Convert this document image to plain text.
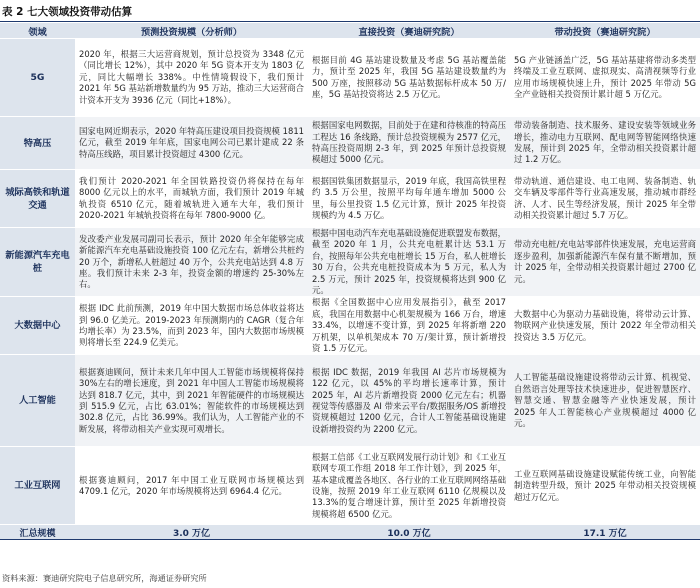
表 2 七大领域投资带动估算
领域	预测投资规模（分析师）	直接投资（赛迪研究院）	带动投资（赛迪研究院）
5G	2020 年，根据三大运营商规划，预计总投资为 3348 亿元（同比增长 12%），其中 2020 年 5G 资本开支为 1803 亿元，同比大幅增长 338%。中性情境假设下，我们预计 2021 年 5G 基站新增数量约为 95 万站，推动三大运营商合计资本开支为 3936 亿元（同比+18%）。	根据目前 4G 基站建设数量及考虑 5G 基站覆盖能力，预计至 2025 年，我国 5G 基站建设数量约为 500 万座，按照移动 5G 基站数据标杆成本 50 万/座，5G 基站投资将达 2.5 万亿元。	5G 产业链涵盖广泛，5G 基站基建将带动多类型终端及工业互联网、虚拟现实、高清视频等行业应用市场规模快速上升，预计 2025 年带动 5G 全产业链相关投资预计累计超 5 万亿元。
特高压	国家电网近期表示，2020 年特高压建设项目投资规模 1811 亿元，截至 2019 年年底，国家电网公司已累计建成 22 条特高压线路，项目累计投资超过 4300 亿元。	根据国家电网数据，目前处于在建和待核准的特高压工程达 16 条线路，预计总投资规模为 2577 亿元，特高压投资周期 2-3 年，到 2025 年预计总投资规模超过 5000 亿元。	带动装备制造、技术服务、建设安装等领域业务增长，推动电力互联网、配电网等智能网络快速发展，预计到 2025 年，全带动相关投资累计超过 1.2 万亿。
城际高铁和轨道交通	我们预计 2020-2021 年全国铁路投资仍将保持在每年 8000 亿元以上的水平，而城轨方面，我们预计 2019 年城轨投资 6510 亿元，随着城轨进入通车大年，我们预计 2020-2021 年城轨投资将在每年 7800-9000 亿。	根据国铁集团数据显示，2019 年底，我国高铁里程约 3.5 万公里，按照平均每年通车增加 5000 公里，每公里投资 1.5 亿元计算，预计 2025 年投资规模约为 4.5 万亿。	带动轨道、通信建设、电工电网、装备制造、轨交车辆及零部件等行业高速发展，推动城市群经济、人才、民生等经济发展，预计 2025 年全带动相关投资累计超过 5.7 万亿。
新能源汽车充电桩	发改委产业发展司副司长表示，预计 2020 年全年能够完成新能源汽车充电基础设施投资 100 亿元左右，新增公共桩约 20 万个，新增私人桩超过 40 万个，公共充电站达到 4.8 万座。我们预计未来 2-3 年，投资金额的增速约 25-30%左右。	根据中国电动汽车充电基础设施促进联盟发布数据，截至 2020 年 1 月，公共充电桩累计达 53.1 万台，按照每年公共充电桩增长 15 万台，私人桩增长 30 万台，公共充电桩投资成本为 5 万元，私人为 2.5 万元，预计 2025 年，投资规模将达到 900 亿元。	带动充电桩/充电站零部件快速发展，充电运营商逐步盈利，加强新能源汽车保有量不断增加，预计 2025 年，全带动相关投资累计超过 2700 亿元。
大数据中心	根据 IDC 此前预测，2019 年中国大数据市场总体收益将达到 96.0 亿美元。2019-2023 年预测期内的 CAGR（复合年均增长率）为 23.5%，而到 2023 年，国内大数据市场规模则将增长至 224.9 亿美元。	根据《全国数据中心应用发展指引》，截至 2017 底，我国在用数据中心机架规模为 166 万台，增速 33.4%，以增速不变计算，到 2025 年将新增 220 万机架，以单机架成本 70 万/架计算，预计新增投资 1.5 万亿元。	大数据中心为驱动力基础设施，将带动云计算、物联网产业快速发展，预计 2022 年全带动相关投资达 3.5 万亿元。
人工智能	根据赛迪顾问，预计未来几年中国人工智能市场规模将保持 30%左右的增长速度，到 2021 年中国人工智能市场规模将达到 818.7 亿元，其中，到 2021 年智能硬件的市场规模达到 515.9 亿元，占比 63.01%；智能软件的市场规模达到 302.8 亿元，占比 36.99%。我们认为，人工智能产业的不断发展，将带动相关产业实现可观增长。	根据 IDC 数据，2019 年我国 AI 芯片市场规模为 122 亿元，以 45%的平均增长速率计算，预计 2025 年，AI 芯片新增投资 2000 亿元左右；机器视觉等传感器及 AI 带来云平台/数据服务/OS 新增投资规模超过 1200 亿元，合计人工智能基础设施建设新增投资约为 2200 亿元。	人工智能基础设施建设将带动云计算、机视觉、自然语言处理等技术快速进步，促进智慧医疗、智慧交通、智慧金融等产业快速发展，预计 2025 年人工智能核心产业规模超过 4000 亿元。
工业互联网	根据赛迪顾问，2017 年中国工业互联网市场规模达到 4709.1 亿元，2020 年市场规模将达到 6964.4 亿元。	根据工信部《工业互联网发展行动计划》和《工业互联网专项工作组 2018 年工作计划》，到 2025 年，基本建成覆盖各地区、各行业的工业互联网网络基础设施，按照 2019 年工业互联网 6110 亿规模以及 13.3%的复合增速计算，预计至 2025 年新增投资规模将超 6500 亿元。	工业互联网基础设施建设赋能传统工业，向智能制造转型升级，预计 2025 年带动相关投资规模超过万亿元。
汇总规模	3.0 万亿	10.0 万亿	17.1 万亿
资料来源：赛迪研究院电子信息研究所，海通证券研究所
